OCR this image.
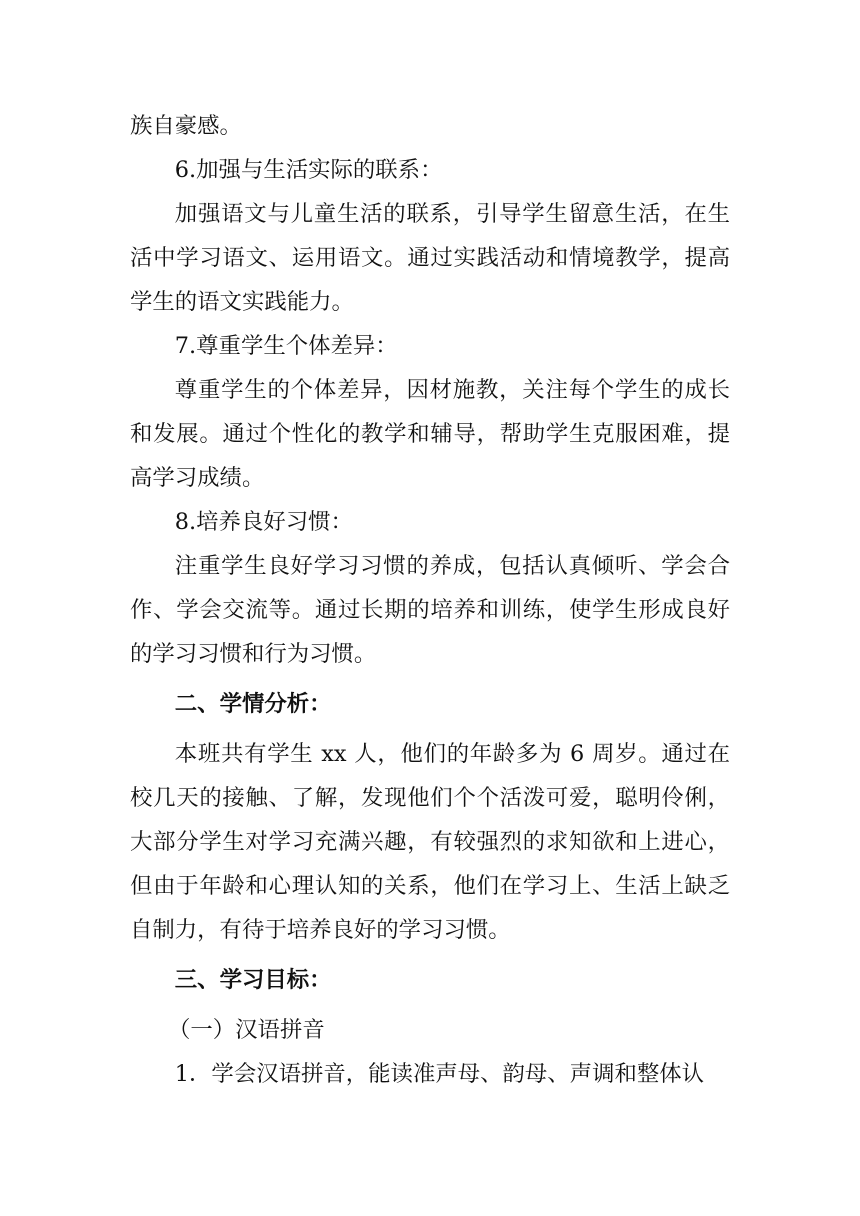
族自豪感。

6.加强与生活实际的联系：

加强语文与儿童生活的联系，引导学生留意生活，在生活中学习语文、运用语文。通过实践活动和情境教学，提高学生的语文实践能力。

7.尊重学生个体差异：

尊重学生的个体差异，因材施教，关注每个学生的成长和发展。通过个性化的教学和辅导，帮助学生克服困难，提高学习成绩。

8.培养良好习惯：

注重学生良好学习习惯的养成，包括认真倾听、学会合作、学会交流等。通过长期的培养和训练，使学生形成良好的学习习惯和行为习惯。

二、学情分析：

本班共有学生 xx 人，他们的年龄多为 6 周岁。通过在校几天的接触、了解，发现他们个个活泼可爱，聪明伶俐，大部分学生对学习充满兴趣，有较强烈的求知欲和上进心，但由于年龄和心理认知的关系，他们在学习上、生活上缺乏自制力，有待于培养良好的学习习惯。

三、学习目标：

（一）汉语拼音

1．学会汉语拼音，能读准声母、韵母、声调和整体认
